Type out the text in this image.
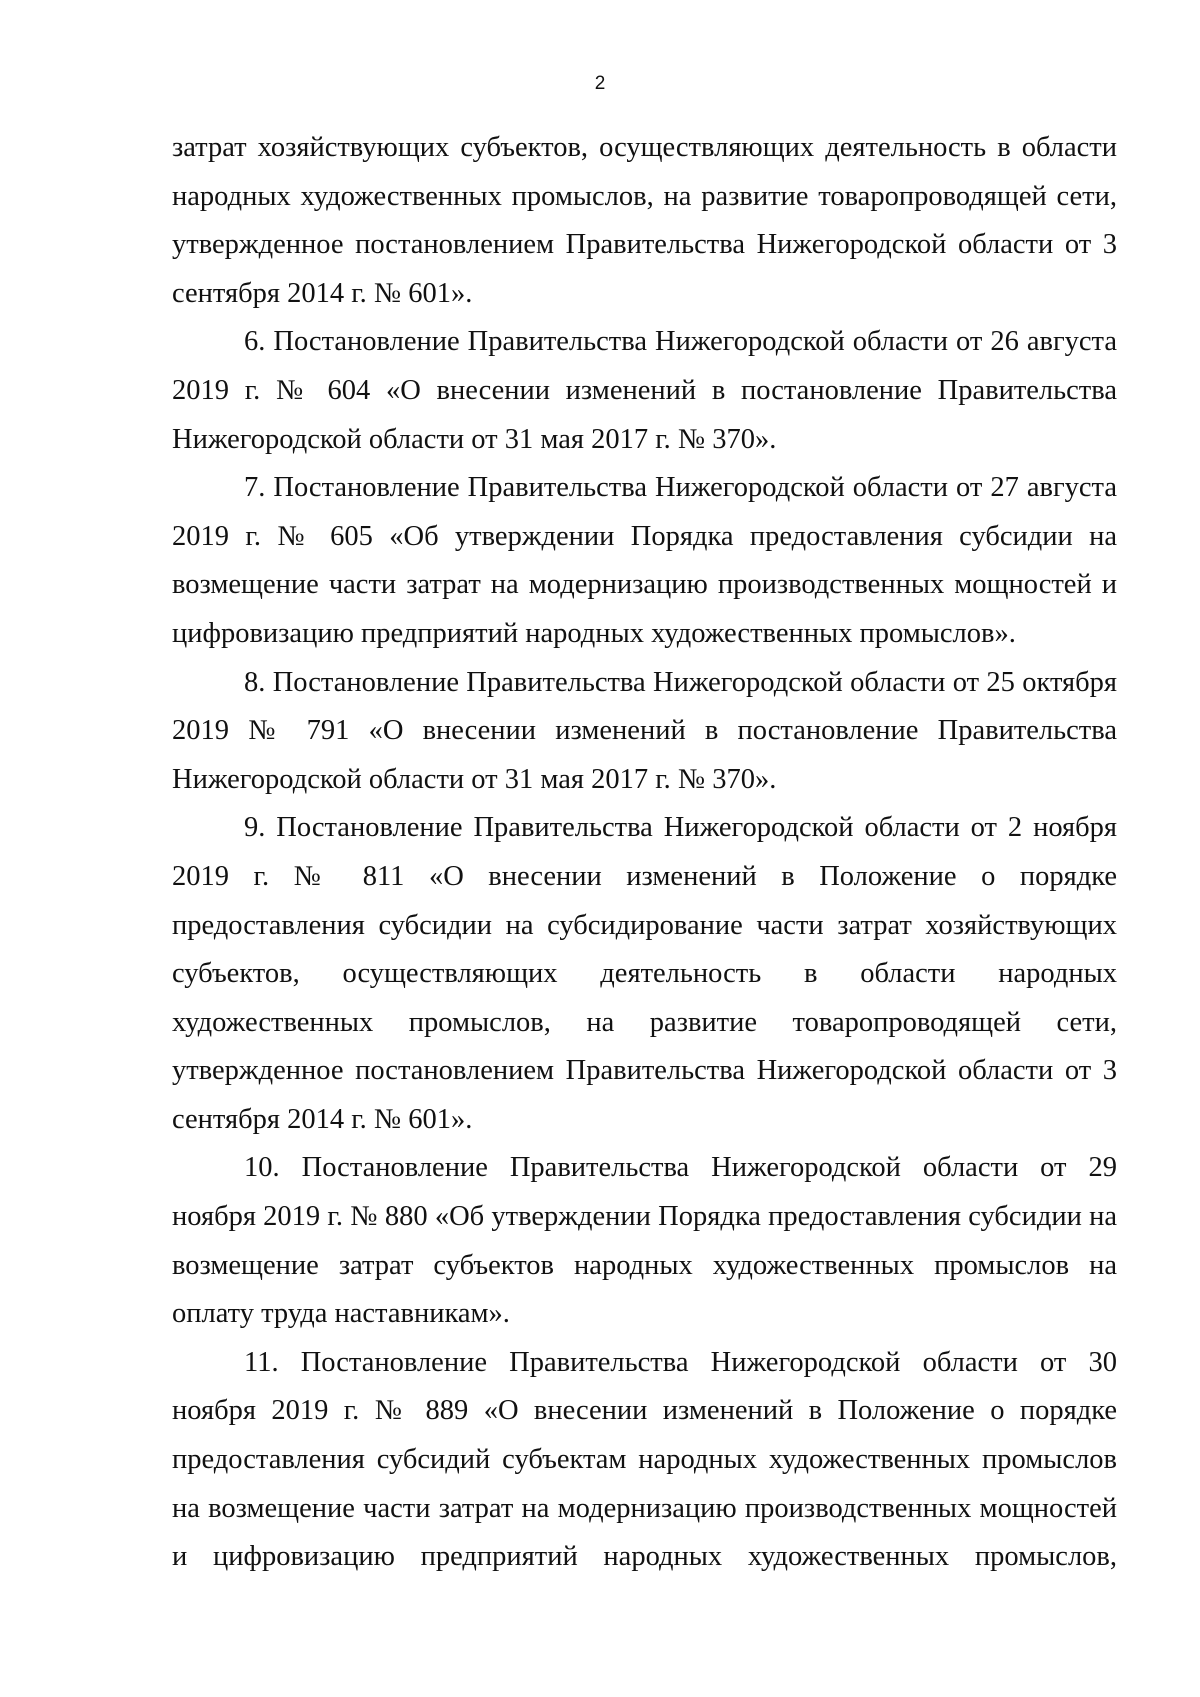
2

затрат хозяйствующих субъектов, осуществляющих деятельность в области народных художественных промыслов, на развитие товаропроводящей сети, утвержденное постановлением Правительства Нижегородской области от 3 сентября 2014 г. № 601».

6. Постановление Правительства Нижегородской области от 26 августа 2019 г. № 604 «О внесении изменений в постановление Правительства Нижегородской области от 31 мая 2017 г. № 370».

7. Постановление Правительства Нижегородской области от 27 августа 2019 г. № 605 «Об утверждении Порядка предоставления субсидии на возмещение части затрат на модернизацию производственных мощностей и цифровизацию предприятий народных художественных промыслов».

8. Постановление Правительства Нижегородской области от 25 октября 2019 № 791 «О внесении изменений в постановление Правительства Нижегородской области от 31 мая 2017 г. № 370».

9. Постановление Правительства Нижегородской области от 2 ноября 2019 г. № 811 «О внесении изменений в Положение о порядке предоставления субсидии на субсидирование части затрат хозяйствующих субъектов, осуществляющих деятельность в области народных художественных промыслов, на развитие товаропроводящей сети, утвержденное постановлением Правительства Нижегородской области от 3 сентября 2014 г. № 601».

10. Постановление Правительства Нижегородской области от 29 ноября 2019 г. № 880 «Об утверждении Порядка предоставления субсидии на возмещение затрат субъектов народных художественных промыслов на оплату труда наставникам».

11. Постановление Правительства Нижегородской области от 30 ноября 2019 г. № 889 «О внесении изменений в Положение о порядке предоставления субсидий субъектам народных художественных промыслов на возмещение части затрат на модернизацию производственных мощностей и цифровизацию предприятий народных художественных промыслов,
